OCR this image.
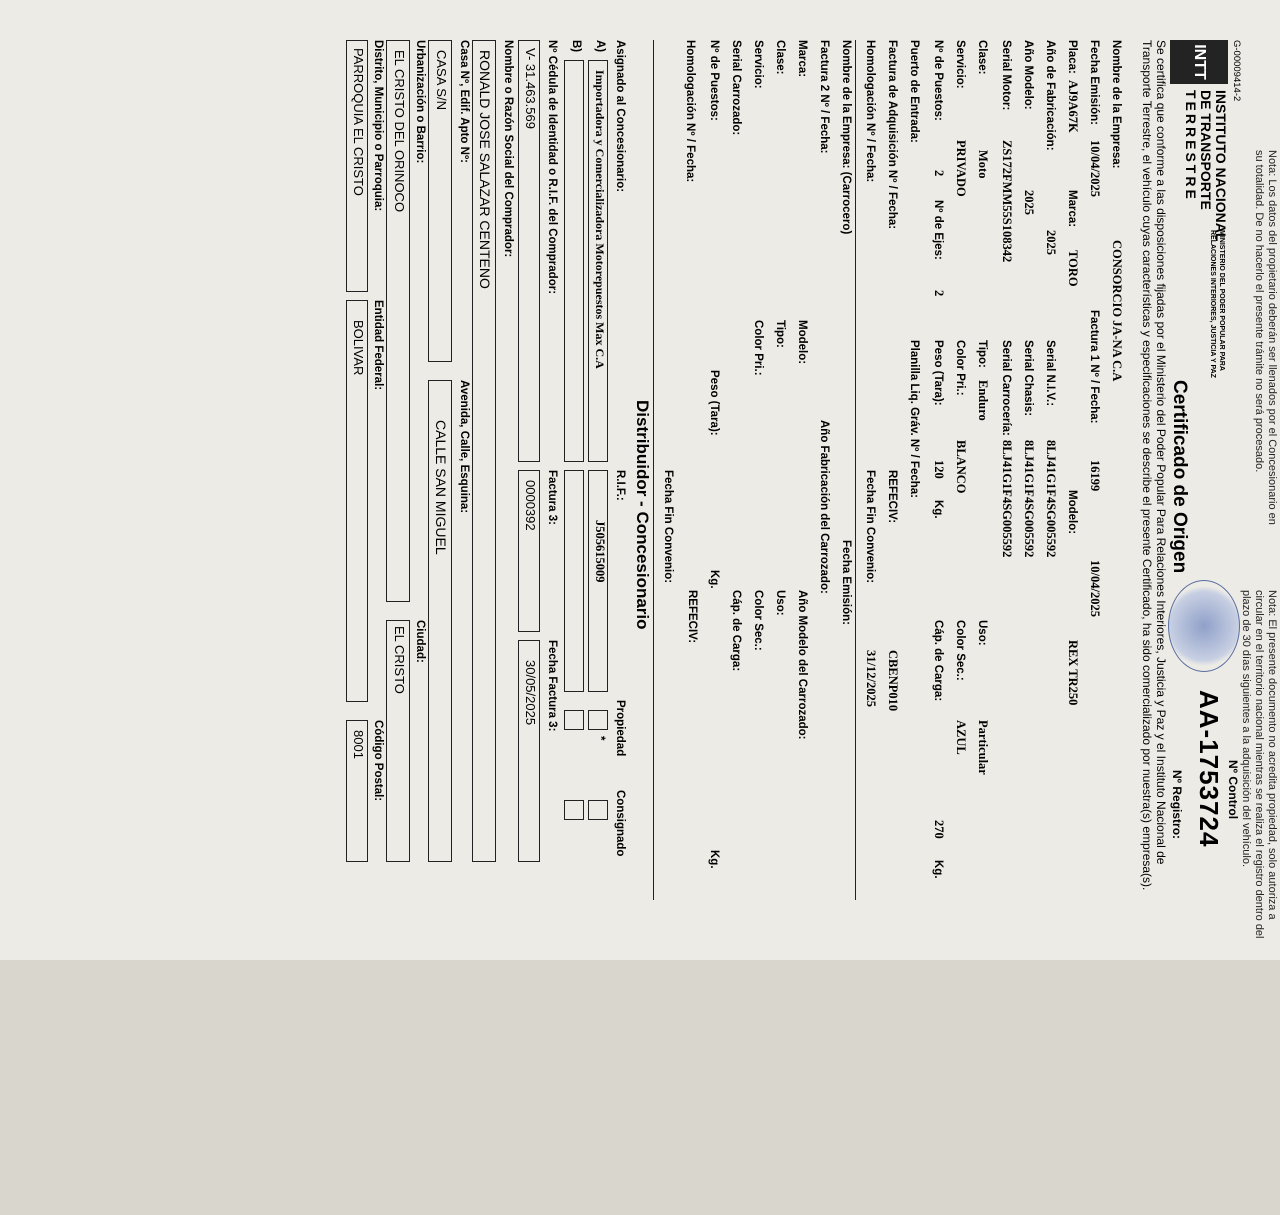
Nota: El presente documento no acredita propiedad, solo autoriza a circular en el territorio nacional mientras se realiza el registro dentro del plazo de 30 días siguientes a la adquisición del vehículo.
Nota: Los datos del propietario deberán ser llenados por el Concesionario en su totalidad. De no hacerlo el presente trámite no será procesado.
G-00009414-2
INTT
INSTITUTO NACIONAL
DE TRANSPORTE
TERRESTRE
MINISTERIO DEL PODER POPULAR PARA
RELACIONES INTERIORES, JUSTICIA Y PAZ
Certificado de Origen
Nº Control
AA-1753724
Nº Registro:
Se certifica que conforme a las disposiciones fijadas por el Ministerio del Poder Popular Para Relaciones Interiores, Justicia y Paz y el Instituto Nacional de Transporte Terrestre, el vehículo cuyas características y especificaciones se describe el presente Certificado, ha sido comercializado por nuestra(s) empresa(s).
Nombre de la Empresa:
CONSORCIO JA-NA C.A
Fecha Emisión:
10/04/2025
Factura 1 Nº / Fecha:
16199
10/04/2025
Placa:
AJ9A67K
Marca:
TORO
Modelo:
REX TR250
Año de Fabricación:
2025
Serial N.I.V.:
8LJ41G1F4SG005592
Año Modelo:
2025
Serial Chasis:
8LJ41G1F4SG005592
Serial Motor:
ZS172FMM55S108342
Serial Carrocería:
8LJ41G1F4SG005592
Clase:
Moto
Tipo:
Enduro
Uso:
Particular
Servicio:
PRIVADO
Color Pri.:
BLANCO
Color Sec.:
AZUL
Nº de Puestos:
2
Nº de Ejes:
2
Peso (Tara):
120
Kg.
Cáp. de Carga:
270
Kg.
Puerto de Entrada:
Planilla Liq. Gráv. Nº / Fecha:
Factura de Adquisición Nº / Fecha:
REFECIV:
CBENP010
Homologación Nº / Fecha:
Fecha Fin Convenio:
31/12/2025
Nombre de la Empresa: (Carrocero)
Fecha Emisión:
Factura 2 Nº / Fecha:
Año Fabricación del Carrozado:
Marca:
Modelo:
Año Modelo del Carrozado:
Clase:
Tipo:
Uso:
Servicio:
Color Pri.:
Color Sec.:
Serial Carrozado:
Cáp. de Carga:
Nº de Puestos:
Peso (Tara):
Kg.
REFECIV:
Kg.
Homologación Nº / Fecha:
Fecha Fin Convenio:
Distribuidor - Concesionario
Asignado al Concesionario:
R.I.F.:
Propiedad
Consignado
A)
Importadora y Comercializadora Motorepuestos Max C.A
J505615009
*
B)
Nº Cédula de Identidad o R.I.F. del Comprador:
Factura 3:
Fecha Factura 3:
V- 31.463.569
0000392
30/05/2025
Nombre o Razón Social del Comprador:
RONALD JOSE SALAZAR CENTENO
Casa Nº, Edif. Apto Nº:
Avenida, Calle, Esquina:
CASA S/N
CALLE SAN MIGUEL
Urbanización o Barrio:
Ciudad:
EL CRISTO DEL ORINOCO
EL CRISTO
Distrito, Municipio o Parroquia:
Entidad Federal:
Código Postal:
PARROQUIA EL CRISTO
BOLIVAR
8001
